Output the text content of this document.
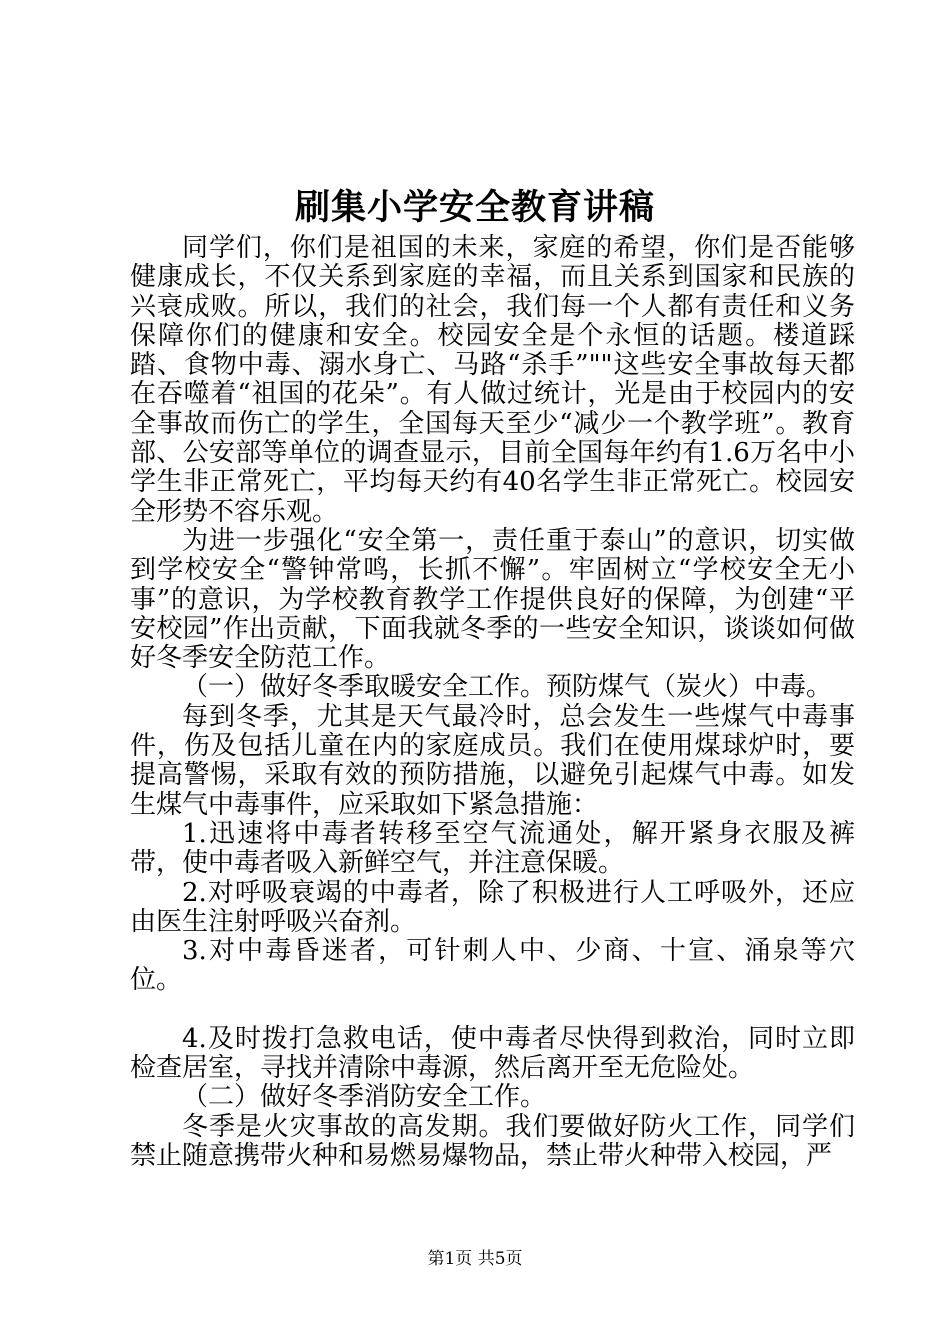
刷集小学安全教育讲稿

同学们，你们是祖国的未来，家庭的希望，你们是否能够健康成长，不仅关系到家庭的幸福，而且关系到国家和民族的兴衰成败。所以，我们的社会，我们每一个人都有责任和义务保障你们的健康和安全。校园安全是个永恒的话题。楼道踩踏、食物中毒、溺水身亡、马路“杀手”""这些安全事故每天都在吞噬着“祖国的花朵”。有人做过统计，光是由于校园内的安全事故而伤亡的学生，全国每天至少“减少一个教学班”。教育部、公安部等单位的调查显示，目前全国每年约有1.6万名中小学生非正常死亡，平均每天约有40名学生非正常死亡。校园安全形势不容乐观。

为进一步强化“安全第一，责任重于泰山”的意识，切实做到学校安全“警钟常鸣，长抓不懈”。牢固树立“学校安全无小事”的意识，为学校教育教学工作提供良好的保障，为创建“平安校园”作出贡献，下面我就冬季的一些安全知识，谈谈如何做好冬季安全防范工作。

（一）做好冬季取暖安全工作。预防煤气（炭火）中毒。

每到冬季，尤其是天气最冷时，总会发生一些煤气中毒事件，伤及包括儿童在内的家庭成员。我们在使用煤球炉时，要提高警惕，采取有效的预防措施，以避免引起煤气中毒。如发生煤气中毒事件，应采取如下紧急措施：

1.迅速将中毒者转移至空气流通处，解开紧身衣服及裤带，使中毒者吸入新鲜空气，并注意保暖。

2.对呼吸衰竭的中毒者，除了积极进行人工呼吸外，还应由医生注射呼吸兴奋剂。

3.对中毒昏迷者，可针刺人中、少商、十宣、涌泉等穴位。

4.及时拨打急救电话，使中毒者尽快得到救治，同时立即检查居室，寻找并清除中毒源，然后离开至无危险处。

（二）做好冬季消防安全工作。

冬季是火灾事故的高发期。我们要做好防火工作，同学们禁止随意携带火种和易燃易爆物品，禁止带火种带入校园，严

第1页 共5页
